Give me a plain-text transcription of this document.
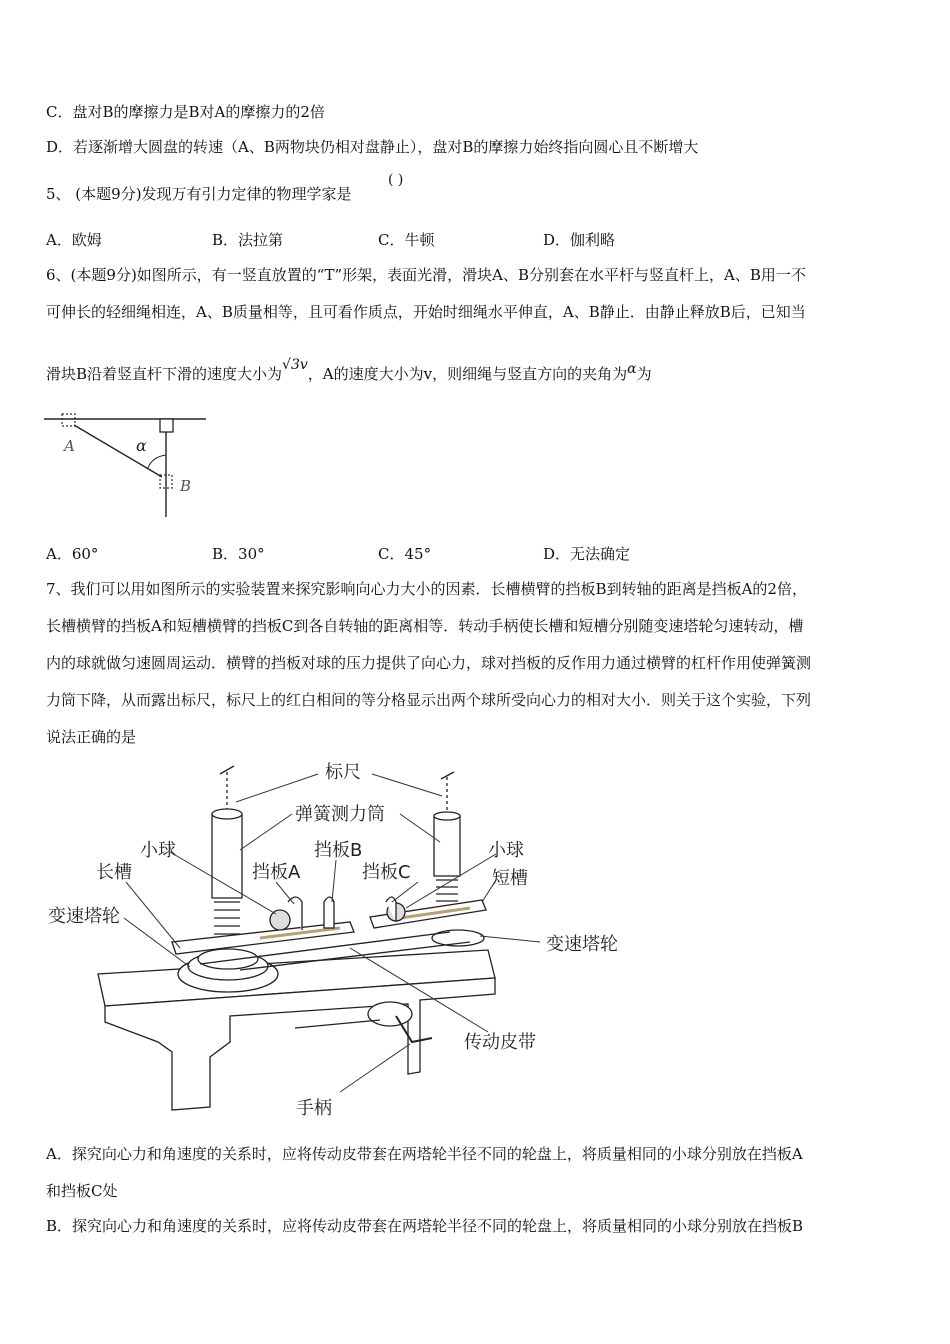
C．盘对B的摩擦力是B对A的摩擦力的2倍
D．若逐渐增大圆盘的转速（A、B两物块仍相对盘静止），盘对B的摩擦力始终指向圆心且不断增大
5、 (本题9分)发现万有引力定律的物理学家是
( )
A．欧姆	B．法拉第	C．牛顿	D．伽利略
6、(本题9分)如图所示，有一竖直放置的“T”形架，表面光滑，滑块A、B分别套在水平杆与竖直杆上，A、B用一不
可伸长的轻细绳相连，A、B质量相等，且可看作质点，开始时细绳水平伸直，A、B静止．由静止释放B后，已知当
滑块B沿着竖直杆下滑的速度大小为√3v，A的速度大小为v，则细绳与竖直方向的夹角为α为
A	α
B
A．60°	B．30°	C．45°	D．无法确定
7、我们可以用如图所示的实验装置来探究影响向心力大小的因素．长槽横臂的挡板B到转轴的距离是挡板A的2倍，
长槽横臂的挡板A和短槽横臂的挡板C到各自转轴的距离相等．转动手柄使长槽和短槽分别随变速塔轮匀速转动，槽
内的球就做匀速圆周运动．横臂的挡板对球的压力提供了向心力，球对挡板的反作用力通过横臂的杠杆作用使弹簧测
力筒下降，从而露出标尺，标尺上的红白相间的等分格显示出两个球所受向心力的相对大小．则关于这个实验，下列
说法正确的是
标尺
弹簧测力筒
小球	小球
挡板B
挡板A	挡板C
长槽	短槽
变速塔轮
变速塔轮
传动皮带
手柄
A．探究向心力和角速度的关系时，应将传动皮带套在两塔轮半径不同的轮盘上，将质量相同的小球分别放在挡板A
和挡板C处
B．探究向心力和角速度的关系时，应将传动皮带套在两塔轮半径不同的轮盘上，将质量相同的小球分别放在挡板B
